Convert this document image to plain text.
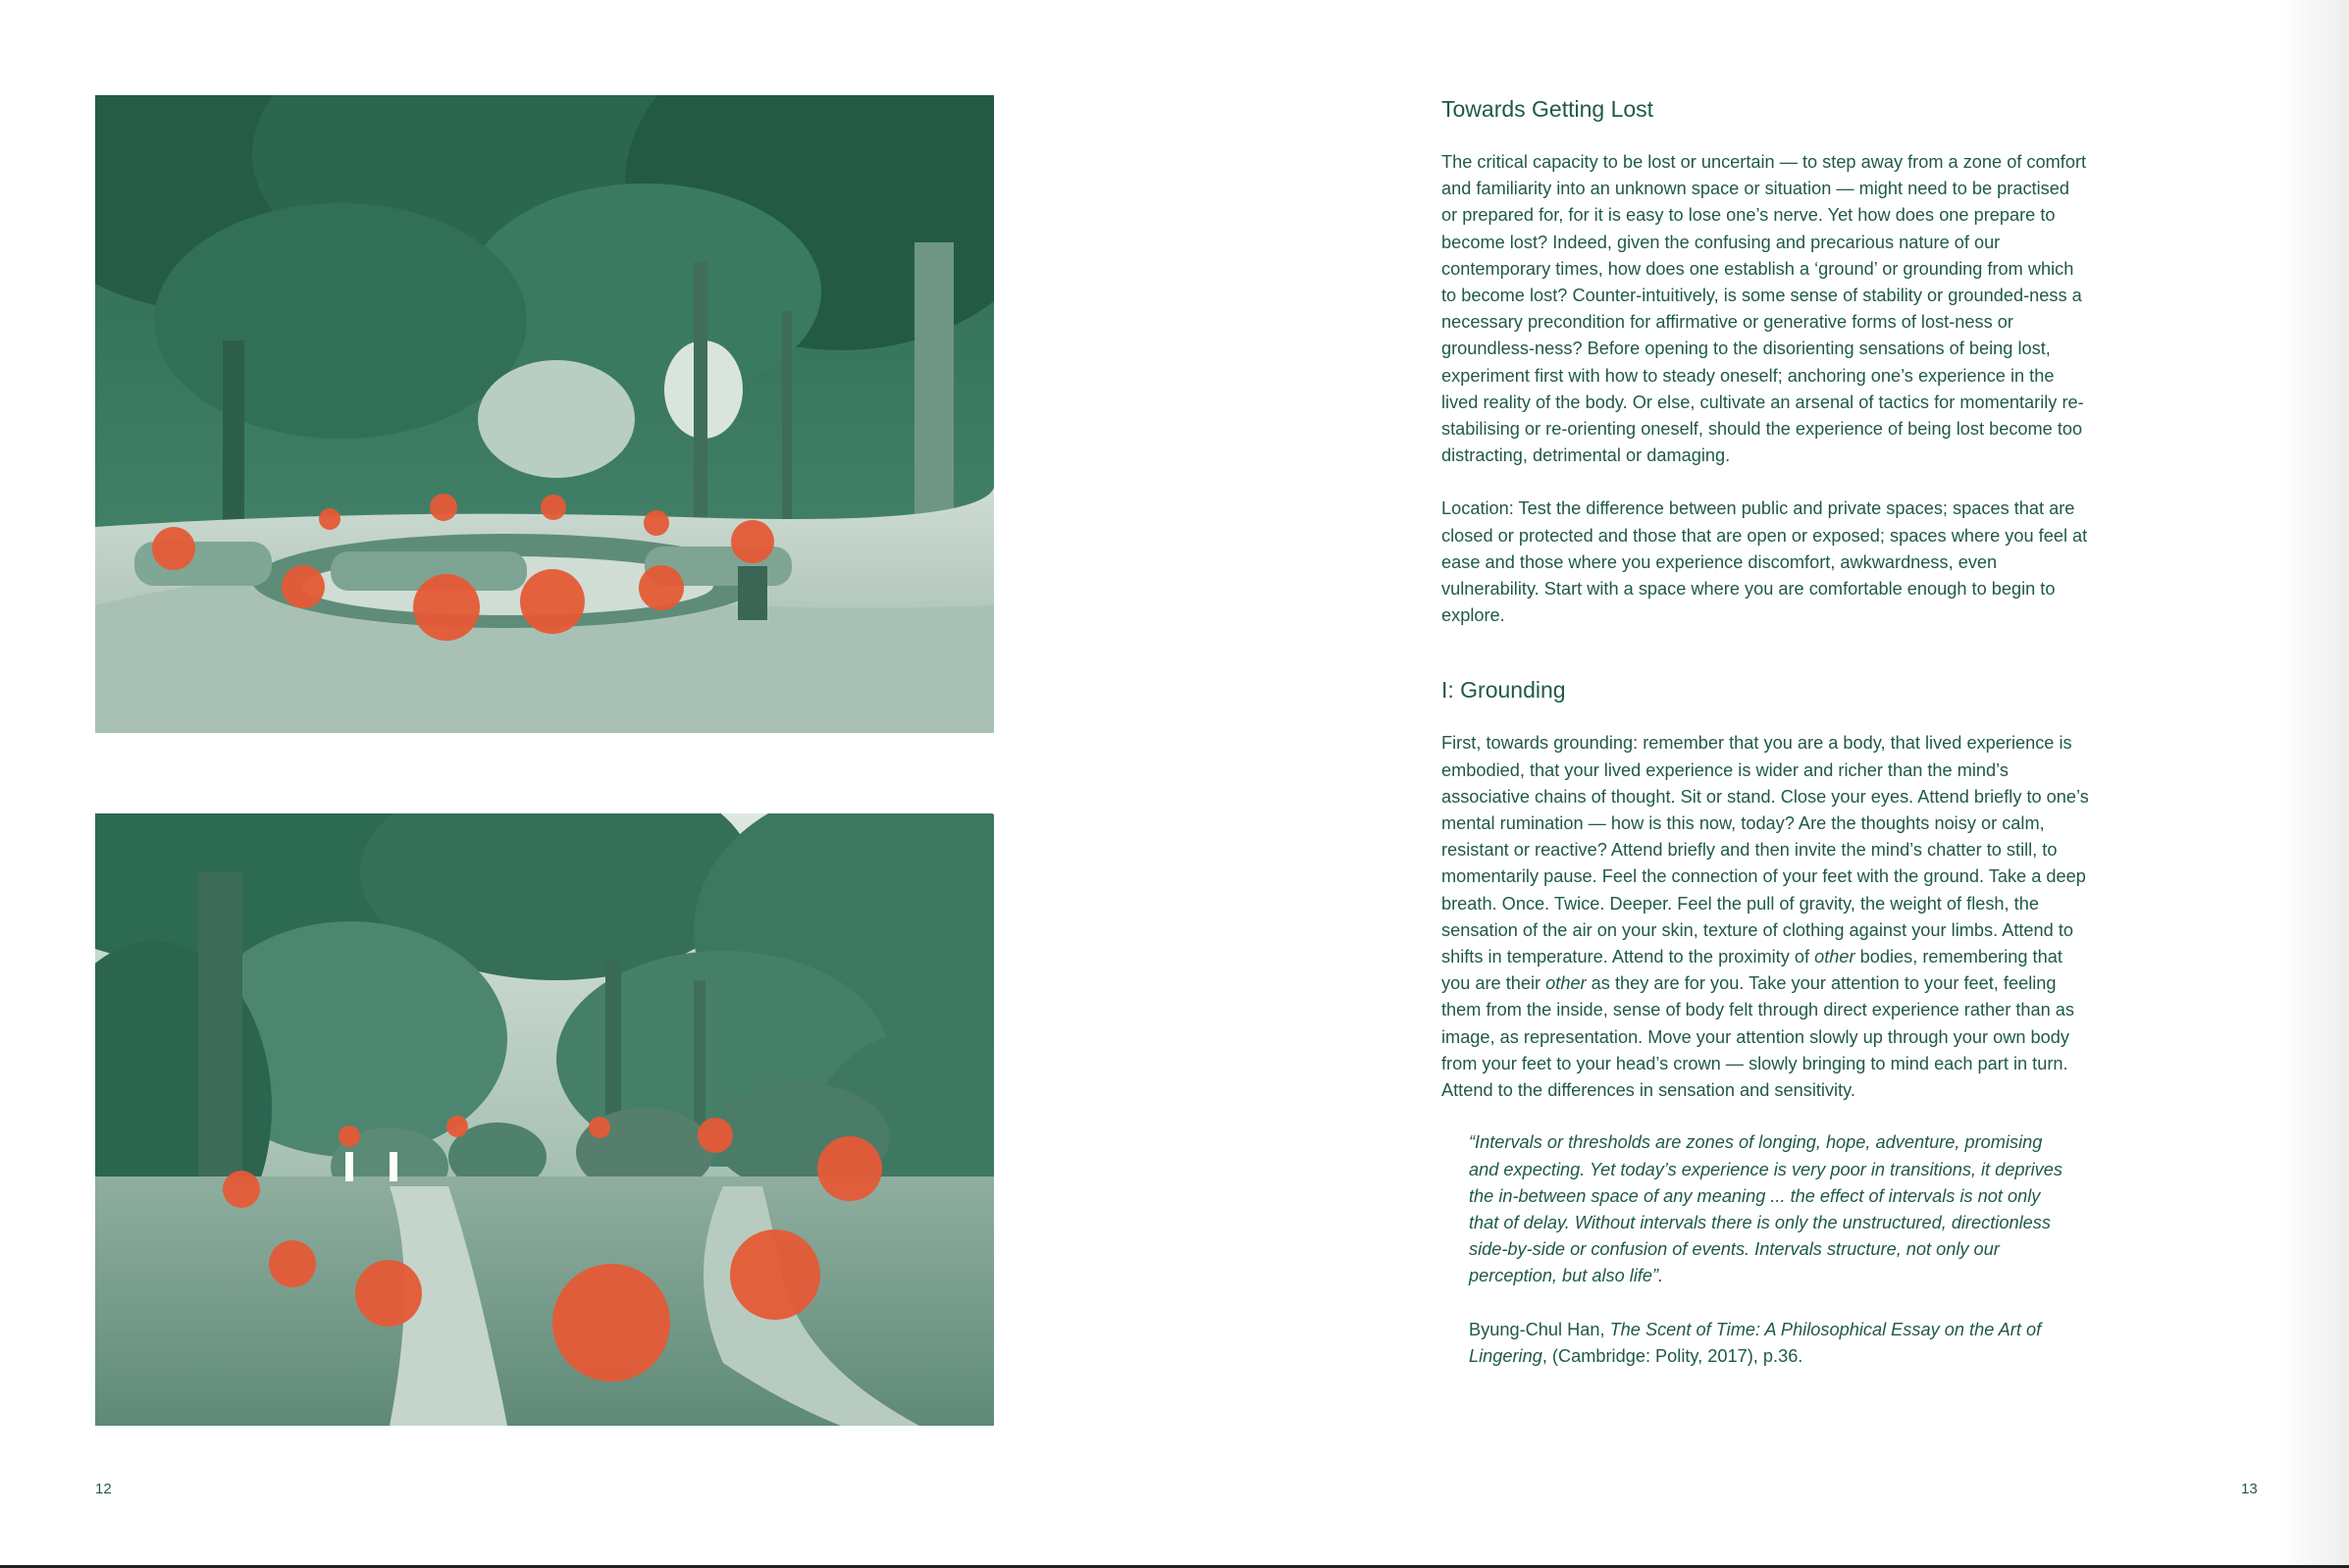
12
Towards Getting Lost

The critical capacity to be lost or uncertain — to step away from a zone of comfort and familiarity into an unknown space or situation — might need to be practised or prepared for, for it is easy to lose one’s nerve. Yet how does one prepare to become lost? Indeed, given the confusing and precarious nature of our contemporary times, how does one establish a ‘ground’ or grounding from which to become lost? Counter-intuitively, is some sense of stability or grounded-ness a necessary precondition for affirmative or generative forms of lost-ness or groundless-ness? Before opening to the disorienting sensations of being lost, experiment first with how to steady oneself; anchoring one’s experience in the lived reality of the body. Or else, cultivate an arsenal of tactics for momentarily re-stabilising or re-orienting oneself, should the experience of being lost become too distracting, detrimental or damaging.

Location: Test the difference between public and private spaces; spaces that are closed or protected and those that are open or exposed; spaces where you feel at ease and those where you experience discomfort, awkwardness, even vulnerability. Start with a space where you are comfortable enough to begin to explore.

I: Grounding

First, towards grounding: remember that you are a body, that lived experience is embodied, that your lived experience is wider and richer than the mind’s associative chains of thought. Sit or stand. Close your eyes. Attend briefly to one’s mental rumination — how is this now, today? Are the thoughts noisy or calm, resistant or reactive? Attend briefly and then invite the mind’s chatter to still, to momentarily pause. Feel the connection of your feet with the ground. Take a deep breath. Once. Twice. Deeper. Feel the pull of gravity, the weight of flesh, the sensation of the air on your skin, texture of clothing against your limbs. Attend to shifts in temperature. Attend to the proximity of other bodies, remembering that you are their other as they are for you. Take your attention to your feet, feeling them from the inside, sense of body felt through direct experience rather than as image, as representation. Move your attention slowly up through your own body from your feet to your head’s crown — slowly bringing to mind each part in turn. Attend to the differences in sensation and sensitivity.

“Intervals or thresholds are zones of longing, hope, adventure, promising and expecting. Yet today’s experience is very poor in transitions, it deprives the in-between space of any meaning ... the effect of intervals is not only that of delay. Without intervals there is only the unstructured, directionless side-by-side or confusion of events. Intervals structure, not only our perception, but also life”.

Byung-Chul Han, The Scent of Time: A Philosophical Essay on the Art of Lingering, (Cambridge: Polity, 2017), p.36.

13
